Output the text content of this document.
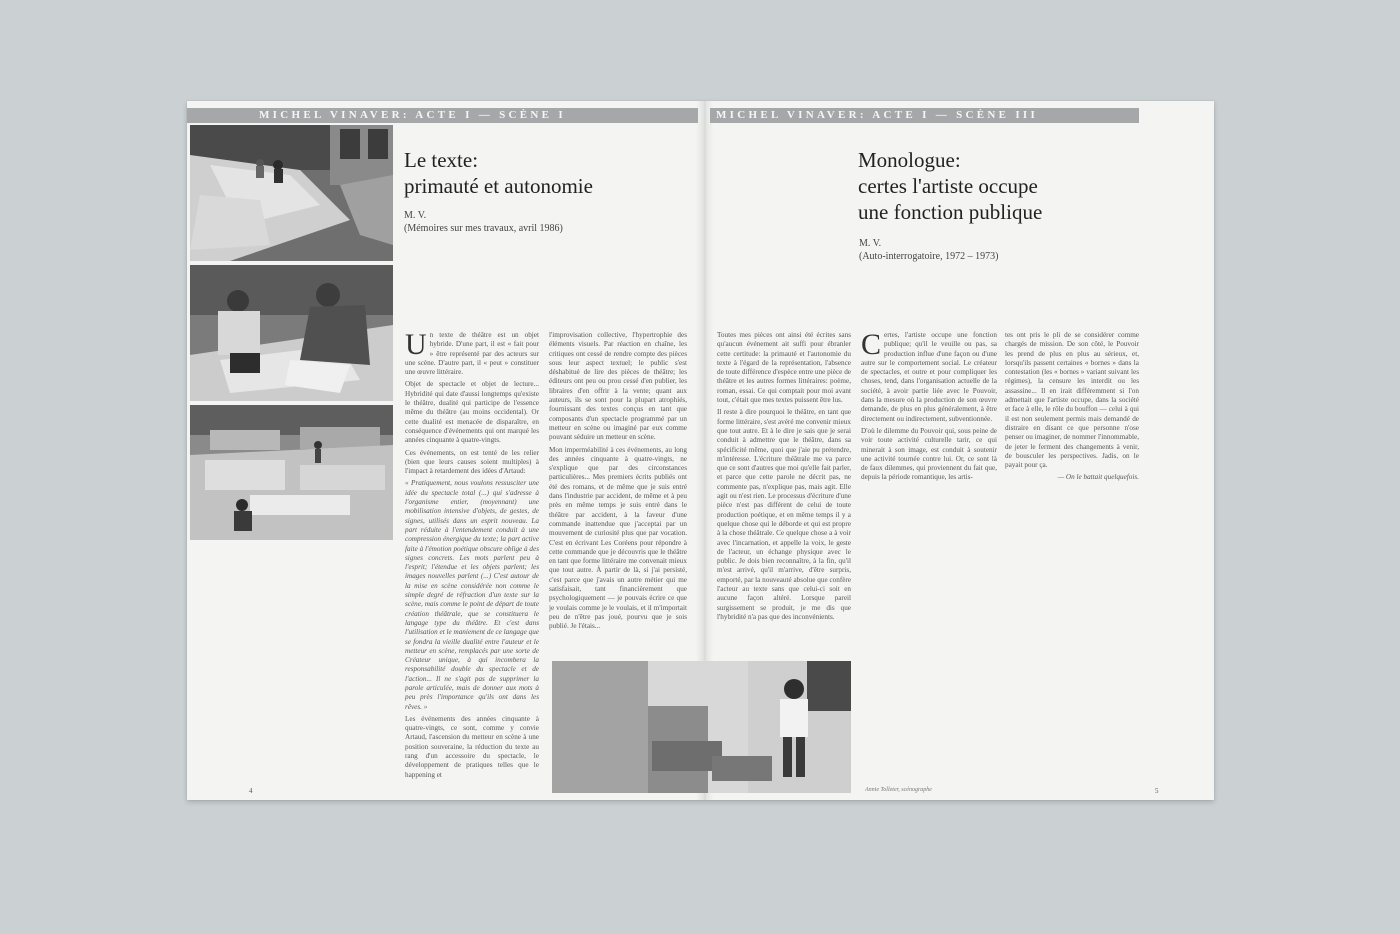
MICHEL VINAVER: ACTE I — SCÈNE I	MICHEL VINAVER: ACTE I — SCÈNE III
Le texte:
primauté et autonomie
M. V.
(Mémoires sur mes travaux, avril 1986)

Un texte de théâtre est un objet hybride. D'une part, il est « fait pour » être représenté par des acteurs sur une scène. D'autre part, il « peut » constituer une œuvre littéraire.

Objet de spectacle et objet de lecture... Hybridité qui date d'aussi longtemps qu'existe le théâtre, dualité qui participe de l'essence même du théâtre (au moins occidental). Or cette dualité est menacée de disparaître, en conséquence d'événements qui ont marqué les années cinquante à quatre-vingts.

Ces événements, on est tenté de les relier (bien que leurs causes soient multiples) à l'impact à retardement des idées d'Artaud:

« Pratiquement, nous voulons ressusciter une idée du spectacle total (...) qui s'adresse à l'organisme entier, (moyennant) une mobilisation intensive d'objets, de gestes, de signes, utilisés dans un esprit nouveau. La part réduite à l'entendement conduit à une compression énergique du texte; la part active faite à l'émotion poétique obscure oblige à des signes concrets. Les mots parlent peu à l'esprit; l'étendue et les objets parlent; les images nouvelles parlent (...) C'est autour de la mise en scène considérée non comme le simple degré de réfraction d'un texte sur la scène, mais comme le point de départ de toute création théâtrale, que se constituera le langage type du théâtre. Et c'est dans l'utilisation et le maniement de ce langage que se fondra la vieille dualité entre l'auteur et le metteur en scène, remplacés par une sorte de Créateur unique, à qui incombera la responsabilité double du spectacle et de l'action... Il ne s'agit pas de supprimer la parole articulée, mais de donner aux mots à peu près l'importance qu'ils ont dans les rêves. »

Les événements des années cinquante à quatre-vingts, ce sont, comme y convie Artaud, l'ascension du metteur en scène à une position souveraine, la réduction du texte au rang d'un accessoire du spectacle, le développement de pratiques telles que le happening et

l'improvisation collective, l'hypertrophie des éléments visuels. Par réaction en chaîne, les critiques ont cessé de rendre compte des pièces sous leur aspect textuel; le public s'est déshabitué de lire des pièces de théâtre; les éditeurs ont peu ou prou cessé d'en publier, les libraires d'en offrir à la vente; quant aux auteurs, ils se sont pour la plupart atrophiés, fournissant des textes conçus en tant que composants d'un spectacle programmé par un metteur en scène ou imaginé par eux comme pouvant séduire un metteur en scène.

Mon imperméabilité à ces événements, au long des années cinquante à quatre-vingts, ne s'explique que par des circonstances particulières... Mes premiers écrits publiés ont été des romans, et de même que je suis entré dans l'industrie par accident, de même et à peu près en même temps je suis entré dans le théâtre par accident, à la faveur d'une commande inattendue que j'acceptai par un mouvement de curiosité plus que par vocation. C'est en écrivant Les Coréens pour répondre à cette commande que je découvris que le théâtre en tant que forme littéraire me convenait mieux que tout autre. À partir de là, si j'ai persisté, c'est parce que j'avais un autre métier qui me satisfaisait, tant financièrement que psychologiquement — je pouvais écrire ce que je voulais comme je le voulais, et il m'importait peu de n'être pas joué, pourvu que je sois publié. Je l'étais...

4
Monologue:
certes l'artiste occupe
une fonction publique
M. V.
(Auto-interrogatoire, 1972 – 1973)

Toutes mes pièces ont ainsi été écrites sans qu'aucun événement ait suffi pour ébranler cette certitude: la primauté et l'autonomie du texte à l'égard de la représentation, l'absence de toute différence d'espèce entre une pièce de théâtre et les autres formes littéraires: poème, roman, essai. Ce qui comptait pour moi avant tout, c'était que mes textes puissent être lus.

Il reste à dire pourquoi le théâtre, en tant que forme littéraire, s'est avéré me convenir mieux que tout autre. Et à le dire je sais que je serai conduit à admettre que le théâtre, dans sa spécificité même, quoi que j'aie pu prétendre, m'intéresse. L'écriture théâtrale me va parce que ce sont d'autres que moi qu'elle fait parler, et parce que cette parole ne décrit pas, ne commente pas, n'explique pas, mais agit. Elle agit ou n'est rien. Le processus d'écriture d'une pièce n'est pas différent de celui de toute production poétique, et en même temps il y a quelque chose qui le déborde et qui est propre à la chose théâtrale. Ce quelque chose a à voir avec l'incarnation, et appelle la voix, le geste de l'acteur, un échange physique avec le public. Je dois bien reconnaître, à la fin, qu'il m'est arrivé, qu'il m'arrive, d'être surpris, emporté, par la nouveauté absolue que confère l'acteur au texte sans que celui-ci soit en aucune façon altéré. Lorsque pareil surgissement se produit, je me dis que l'hybridité n'a pas que des inconvénients.

Certes, l'artiste occupe une fonction publique; qu'il le veuille ou pas, sa production influe d'une façon ou d'une autre sur le comportement social. Le créateur de spectacles, et outre et pour compliquer les choses, tend, dans l'organisation actuelle de la société, à avoir partie liée avec le Pouvoir, dans la mesure où la production de son œuvre demande, de plus en plus généralement, à être directement ou indirectement, subventionnée.

D'où le dilemme du Pouvoir qui, sous peine de voir toute activité culturelle tarir, ce qui minerait à son image, est conduit à soutenir une activité tournée contre lui. Or, ce sont là de faux dilemmes, qui proviennent du fait que, depuis la période romantique, les artis-

tes ont pris le pli de se considérer comme chargés de mission. De son côté, le Pouvoir les prend de plus en plus au sérieux, et, lorsqu'ils passent certaines « bornes » dans la contestation (les « bornes » variant suivant les régimes), la censure les interdit ou les assassine... Il en irait différemment si l'on admettait que l'artiste occupe, dans la société et face à elle, le rôle du bouffon — celui à qui il est non seulement permis mais demandé de distraire en disant ce que personne n'ose penser ou imaginer, de nommer l'innommable, de jeter le ferment des changements à venir, de bousculer les perspectives. Jadis, on le payait pour ça.

— On le battait quelquefois.

Annie Tolleter, scénographe	5
